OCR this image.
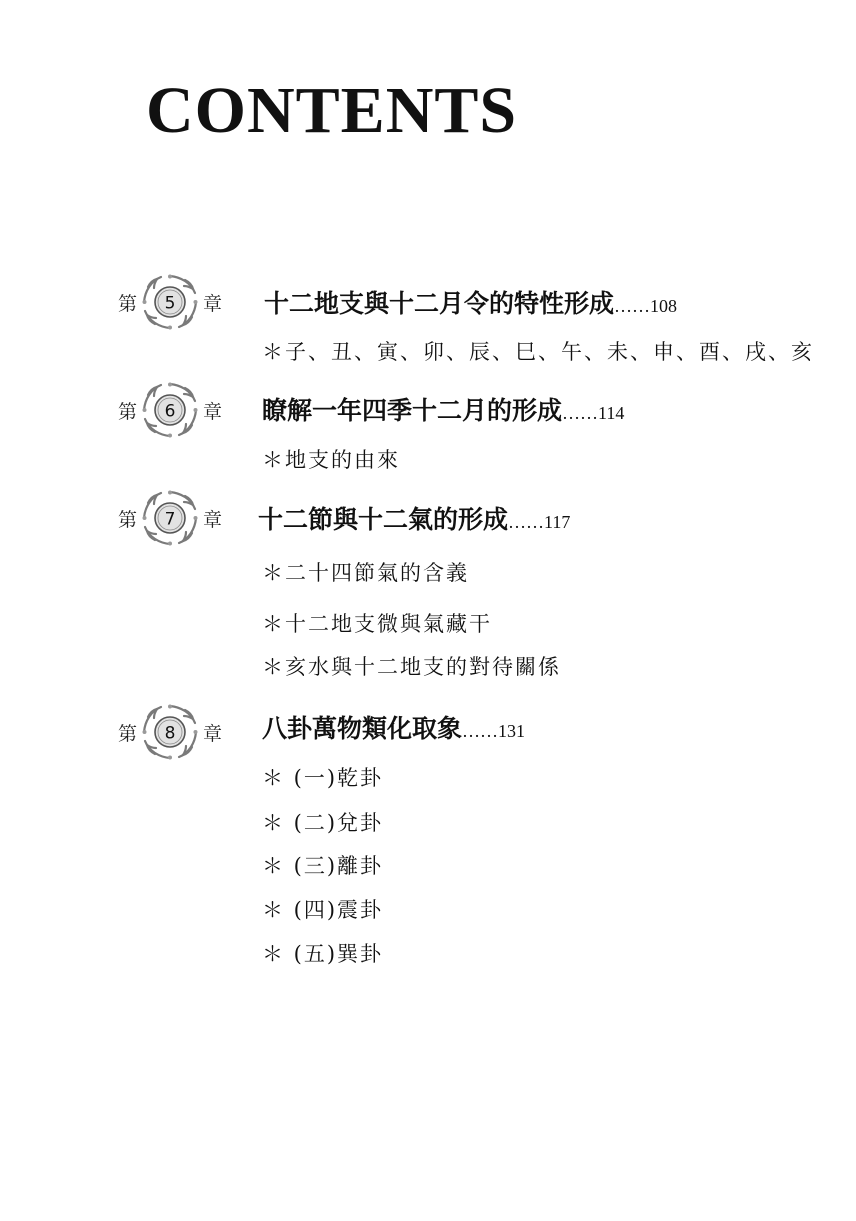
CONTENTS
第 5 章 十二地支與十二月令的特性形成……108
＊子、丑、寅、卯、辰、巳、午、未、申、酉、戌、亥
第 6 章 瞭解一年四季十二月的形成……114
＊地支的由來
第 7 章 十二節與十二氣的形成……117
＊二十四節氣的含義
＊十二地支微與氣藏干
＊亥水與十二地支的對待關係
第 8 章 八卦萬物類化取象……131
＊ (一)乾卦
＊ (二)兌卦
＊ (三)離卦
＊ (四)震卦
＊ (五)巽卦
